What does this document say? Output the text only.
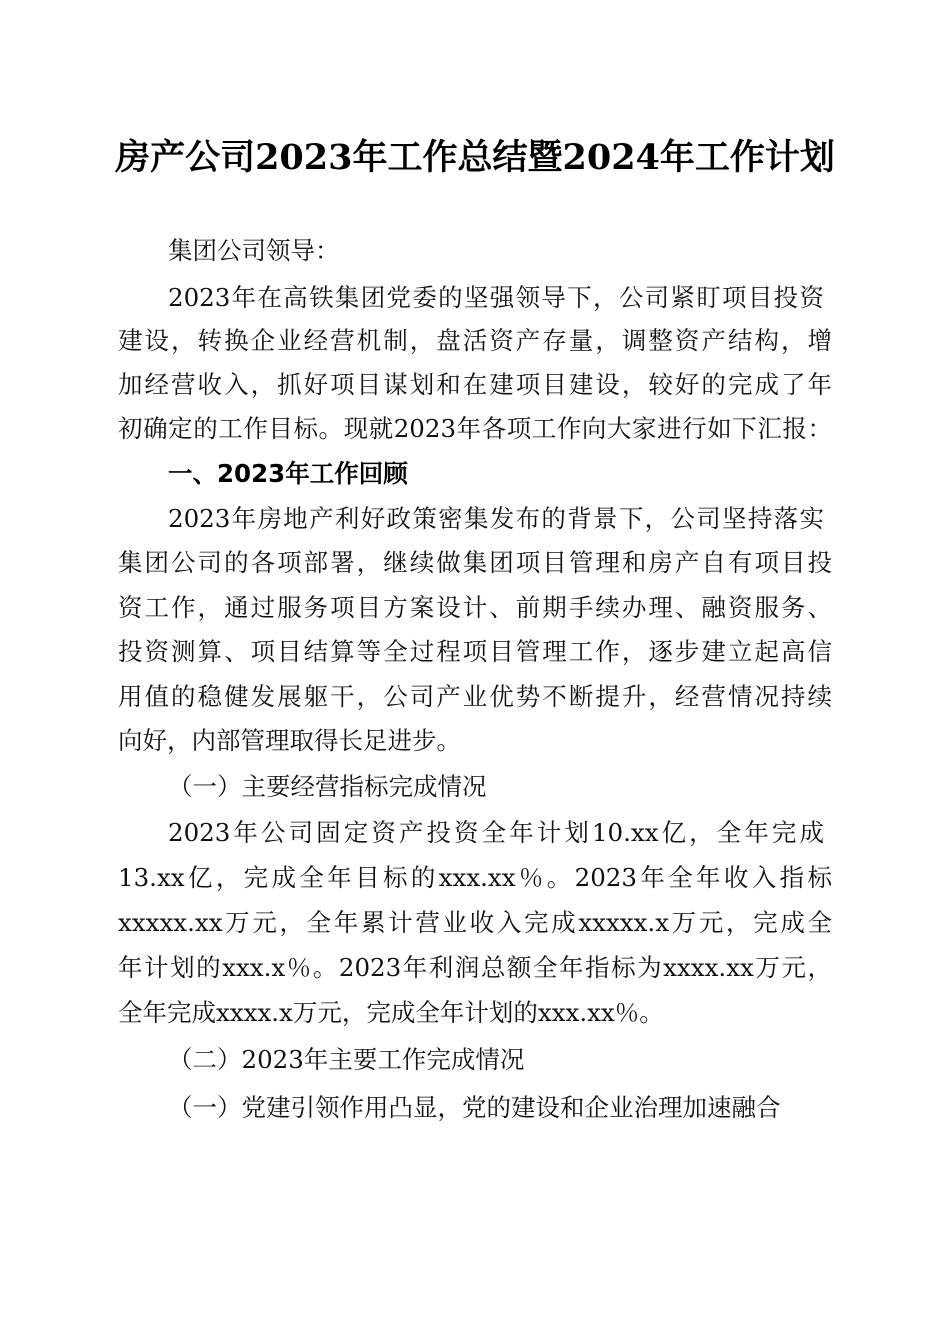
房产公司2023年工作总结暨2024年工作计划
集团公司领导：
2023年在高铁集团党委的坚强领导下，公司紧盯项目投资
建设，转换企业经营机制，盘活资产存量，调整资产结构，增
加经营收入，抓好项目谋划和在建项目建设，较好的完成了年
初确定的工作目标。现就2023年各项工作向大家进行如下汇报：
一、2023年工作回顾
2023年房地产利好政策密集发布的背景下，公司坚持落实
集团公司的各项部署，继续做集团项目管理和房产自有项目投
资工作，通过服务项目方案设计、前期手续办理、融资服务、
投资测算、项目结算等全过程项目管理工作，逐步建立起高信
用值的稳健发展躯干，公司产业优势不断提升，经营情况持续
向好，内部管理取得长足进步。
（一）主要经营指标完成情况
2023年公司固定资产投资全年计划10.xx亿，全年完成
13.xx亿，完成全年目标的xxx.xx％。2023年全年收入指标
xxxxx.xx万元，全年累计营业收入完成xxxxx.x万元，完成全
年计划的xxx.x％。2023年利润总额全年指标为xxxx.xx万元，
全年完成xxxx.x万元，完成全年计划的xxx.xx％。
（二）2023年主要工作完成情况
（一）党建引领作用凸显，党的建设和企业治理加速融合
